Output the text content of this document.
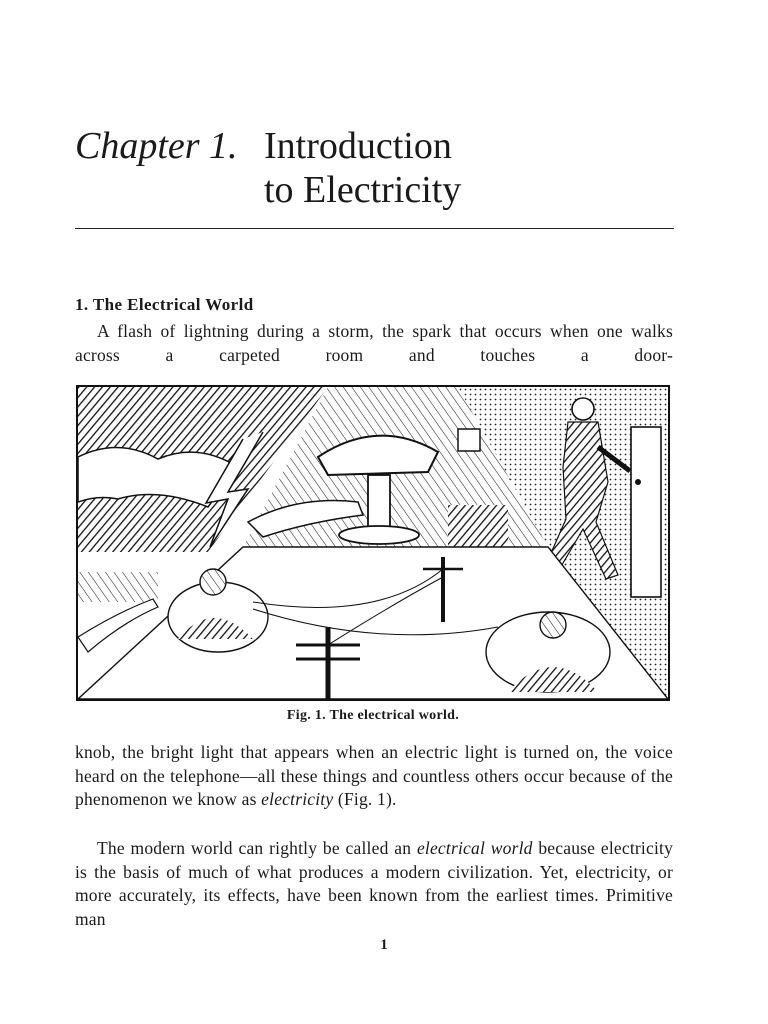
Chapter 1. Introduction
to Electricity
1. The Electrical World

A flash of lightning during a storm, the spark that occurs when one walks across a carpeted room and touches a door-

Fig. 1. The electrical world.

knob, the bright light that appears when an electric light is turned on, the voice heard on the telephone—all these things and countless others occur because of the phenomenon we know as electricity (Fig. 1).

The modern world can rightly be called an electrical world because electricity is the basis of much of what produces a modern civilization. Yet, electricity, or more accurately, its effects, have been known from the earliest times. Primitive man

1
